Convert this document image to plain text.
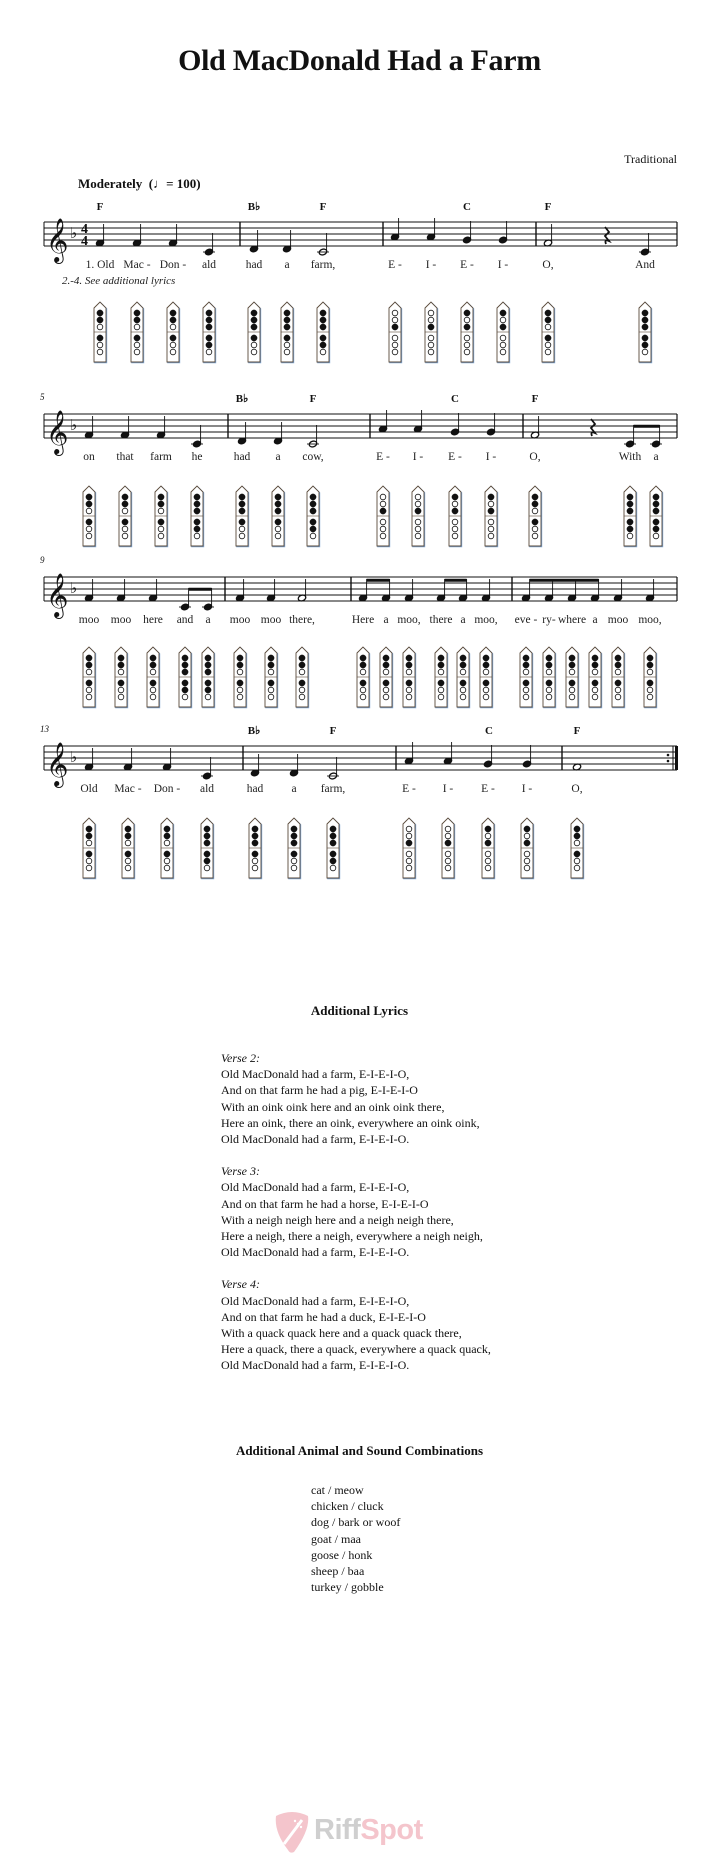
Old MacDonald Had a Farm
Traditional
Moderately  (♩= 100)
𝄞 ♭ 4
4
F	B♭	F	C	F
1. Old Mac - Don - ald	had a farm,	E - I - E - I -	O,	And
2.-4. See additional lyrics
5
𝄞 ♭
B♭	F	C	F
on that farm he	had a cow,	E - I - E - I -	O,	With a
9
𝄞 ♭
moo moo here and a moo moo there,	Here a moo, there a moo, eve - ry- where a moo moo,
13
𝄞 ♭
B♭	F	C	F
Old Mac - Don - ald	had a farm,	E - I - E - I -	O,
Additional Lyrics
Verse 2:
Old MacDonald had a farm, E-I-E-I-O,
And on that farm he had a pig, E-I-E-I-O
With an oink oink here and an oink oink there,
Here an oink, there an oink, everywhere an oink oink,
Old MacDonald had a farm, E-I-E-I-O.
Verse 3:
Old MacDonald had a farm, E-I-E-I-O,
And on that farm he had a horse, E-I-E-I-O
With a neigh neigh here and a neigh neigh there,
Here a neigh, there a neigh, everywhere a neigh neigh,
Old MacDonald had a farm, E-I-E-I-O.
Verse 4:
Old MacDonald had a farm, E-I-E-I-O,
And on that farm he had a duck, E-I-E-I-O
With a quack quack here and a quack quack there,
Here a quack, there a quack, everywhere a quack quack,
Old MacDonald had a farm, E-I-E-I-O.
Additional Animal and Sound Combinations
cat / meow
chicken / cluck
dog / bark or woof
goat / maa
goose / honk
sheep / baa
turkey / gobble
RiffSpot
